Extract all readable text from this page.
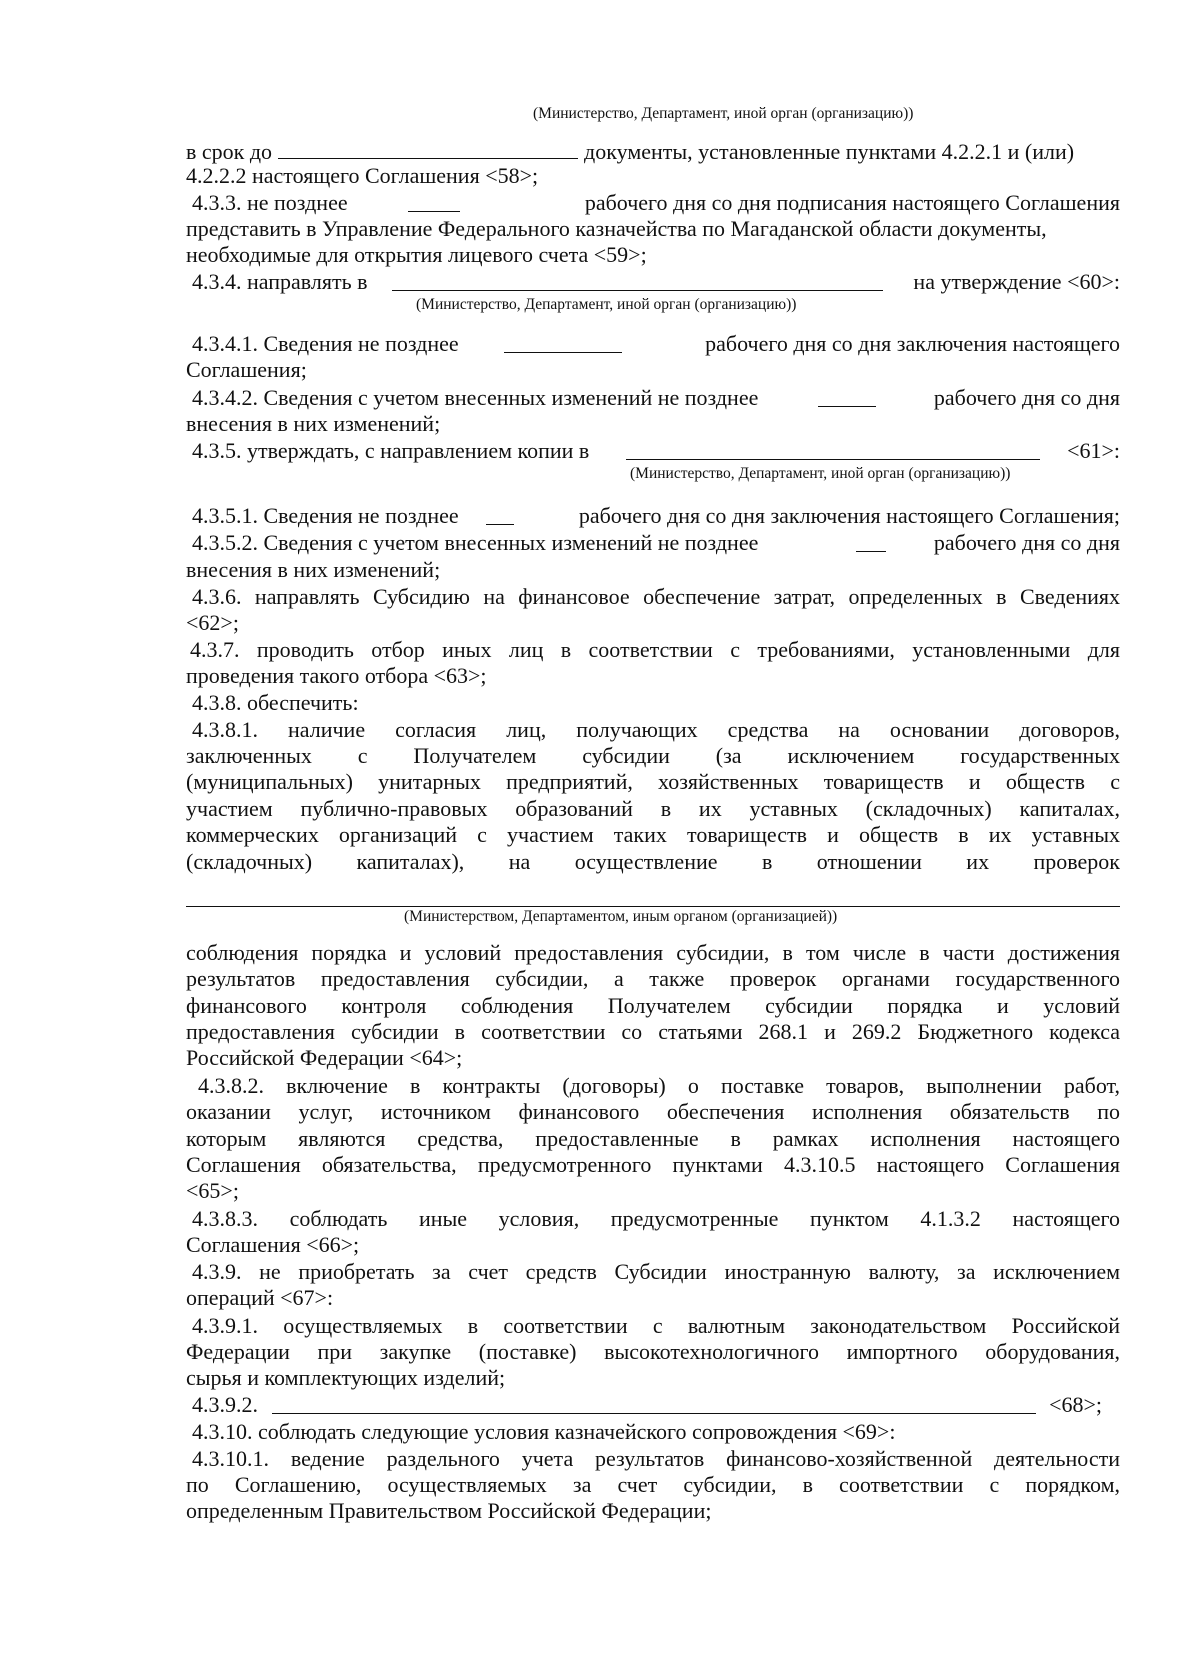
(Министерство, Департамент, иной орган (организацию))
в срок до	документы, установленные пунктами 4.2.2.1 и (или)
4.2.2.2 настоящего Соглашения <58>;
4.3.3. не позднее	рабочего дня со дня подписания настоящего Соглашения
представить в Управление Федерального казначейства по Магаданской области документы,
необходимые для открытия лицевого счета <59>;
4.3.4. направлять в	на утверждение <60>:
(Министерство, Департамент, иной орган (организацию))
4.3.4.1. Сведения не позднее	рабочего дня со дня заключения настоящего
Соглашения;
4.3.4.2. Сведения с учетом внесенных изменений не позднее	рабочего дня со дня
внесения в них изменений;
4.3.5. утверждать, с направлением копии в	<61>:
(Министерство, Департамент, иной орган (организацию))
4.3.5.1. Сведения не позднее	рабочего дня со дня заключения настоящего Соглашения;
4.3.5.2. Сведения с учетом внесенных изменений не позднее	рабочего дня со дня
внесения в них изменений;
4.3.6. направлять Субсидию на финансовое обеспечение затрат, определенных в Сведениях
<62>;
4.3.7. проводить отбор иных лиц в соответствии с требованиями, установленными для
проведения такого отбора <63>;
4.3.8. обеспечить:
4.3.8.1. наличие согласия лиц, получающих средства на основании договоров,
заключенных с Получателем субсидии (за исключением государственных
(муниципальных) унитарных предприятий, хозяйственных товариществ и обществ с
участием публично-правовых образований в их уставных (складочных) капиталах,
коммерческих организаций с участием таких товариществ и обществ в их уставных
(складочных) капиталах), на осуществление в отношении их проверок
(Министерством, Департаментом, иным органом (организацией))
соблюдения порядка и условий предоставления субсидии, в том числе в части достижения
результатов предоставления субсидии, а также проверок органами государственного
финансового контроля соблюдения Получателем субсидии порядка и условий
предоставления субсидии в соответствии со статьями 268.1 и 269.2 Бюджетного кодекса
Российской Федерации <64>;
4.3.8.2. включение в контракты (договоры) о поставке товаров, выполнении работ,
оказании услуг, источником финансового обеспечения исполнения обязательств по
которым являются средства, предоставленные в рамках исполнения настоящего
Соглашения обязательства, предусмотренного пунктами 4.3.10.5 настоящего Соглашения
<65>;
4.3.8.3. соблюдать иные условия, предусмотренные пунктом 4.1.3.2 настоящего
Соглашения <66>;
4.3.9. не приобретать за счет средств Субсидии иностранную валюту, за исключением
операций <67>:
4.3.9.1. осуществляемых в соответствии с валютным законодательством Российской
Федерации при закупке (поставке) высокотехнологичного импортного оборудования,
сырья и комплектующих изделий;
4.3.9.2.	<68>;
4.3.10. соблюдать следующие условия казначейского сопровождения <69>:
4.3.10.1. ведение раздельного учета результатов финансово-хозяйственной деятельности
по Соглашению, осуществляемых за счет субсидии, в соответствии с порядком,
определенным Правительством Российской Федерации;
